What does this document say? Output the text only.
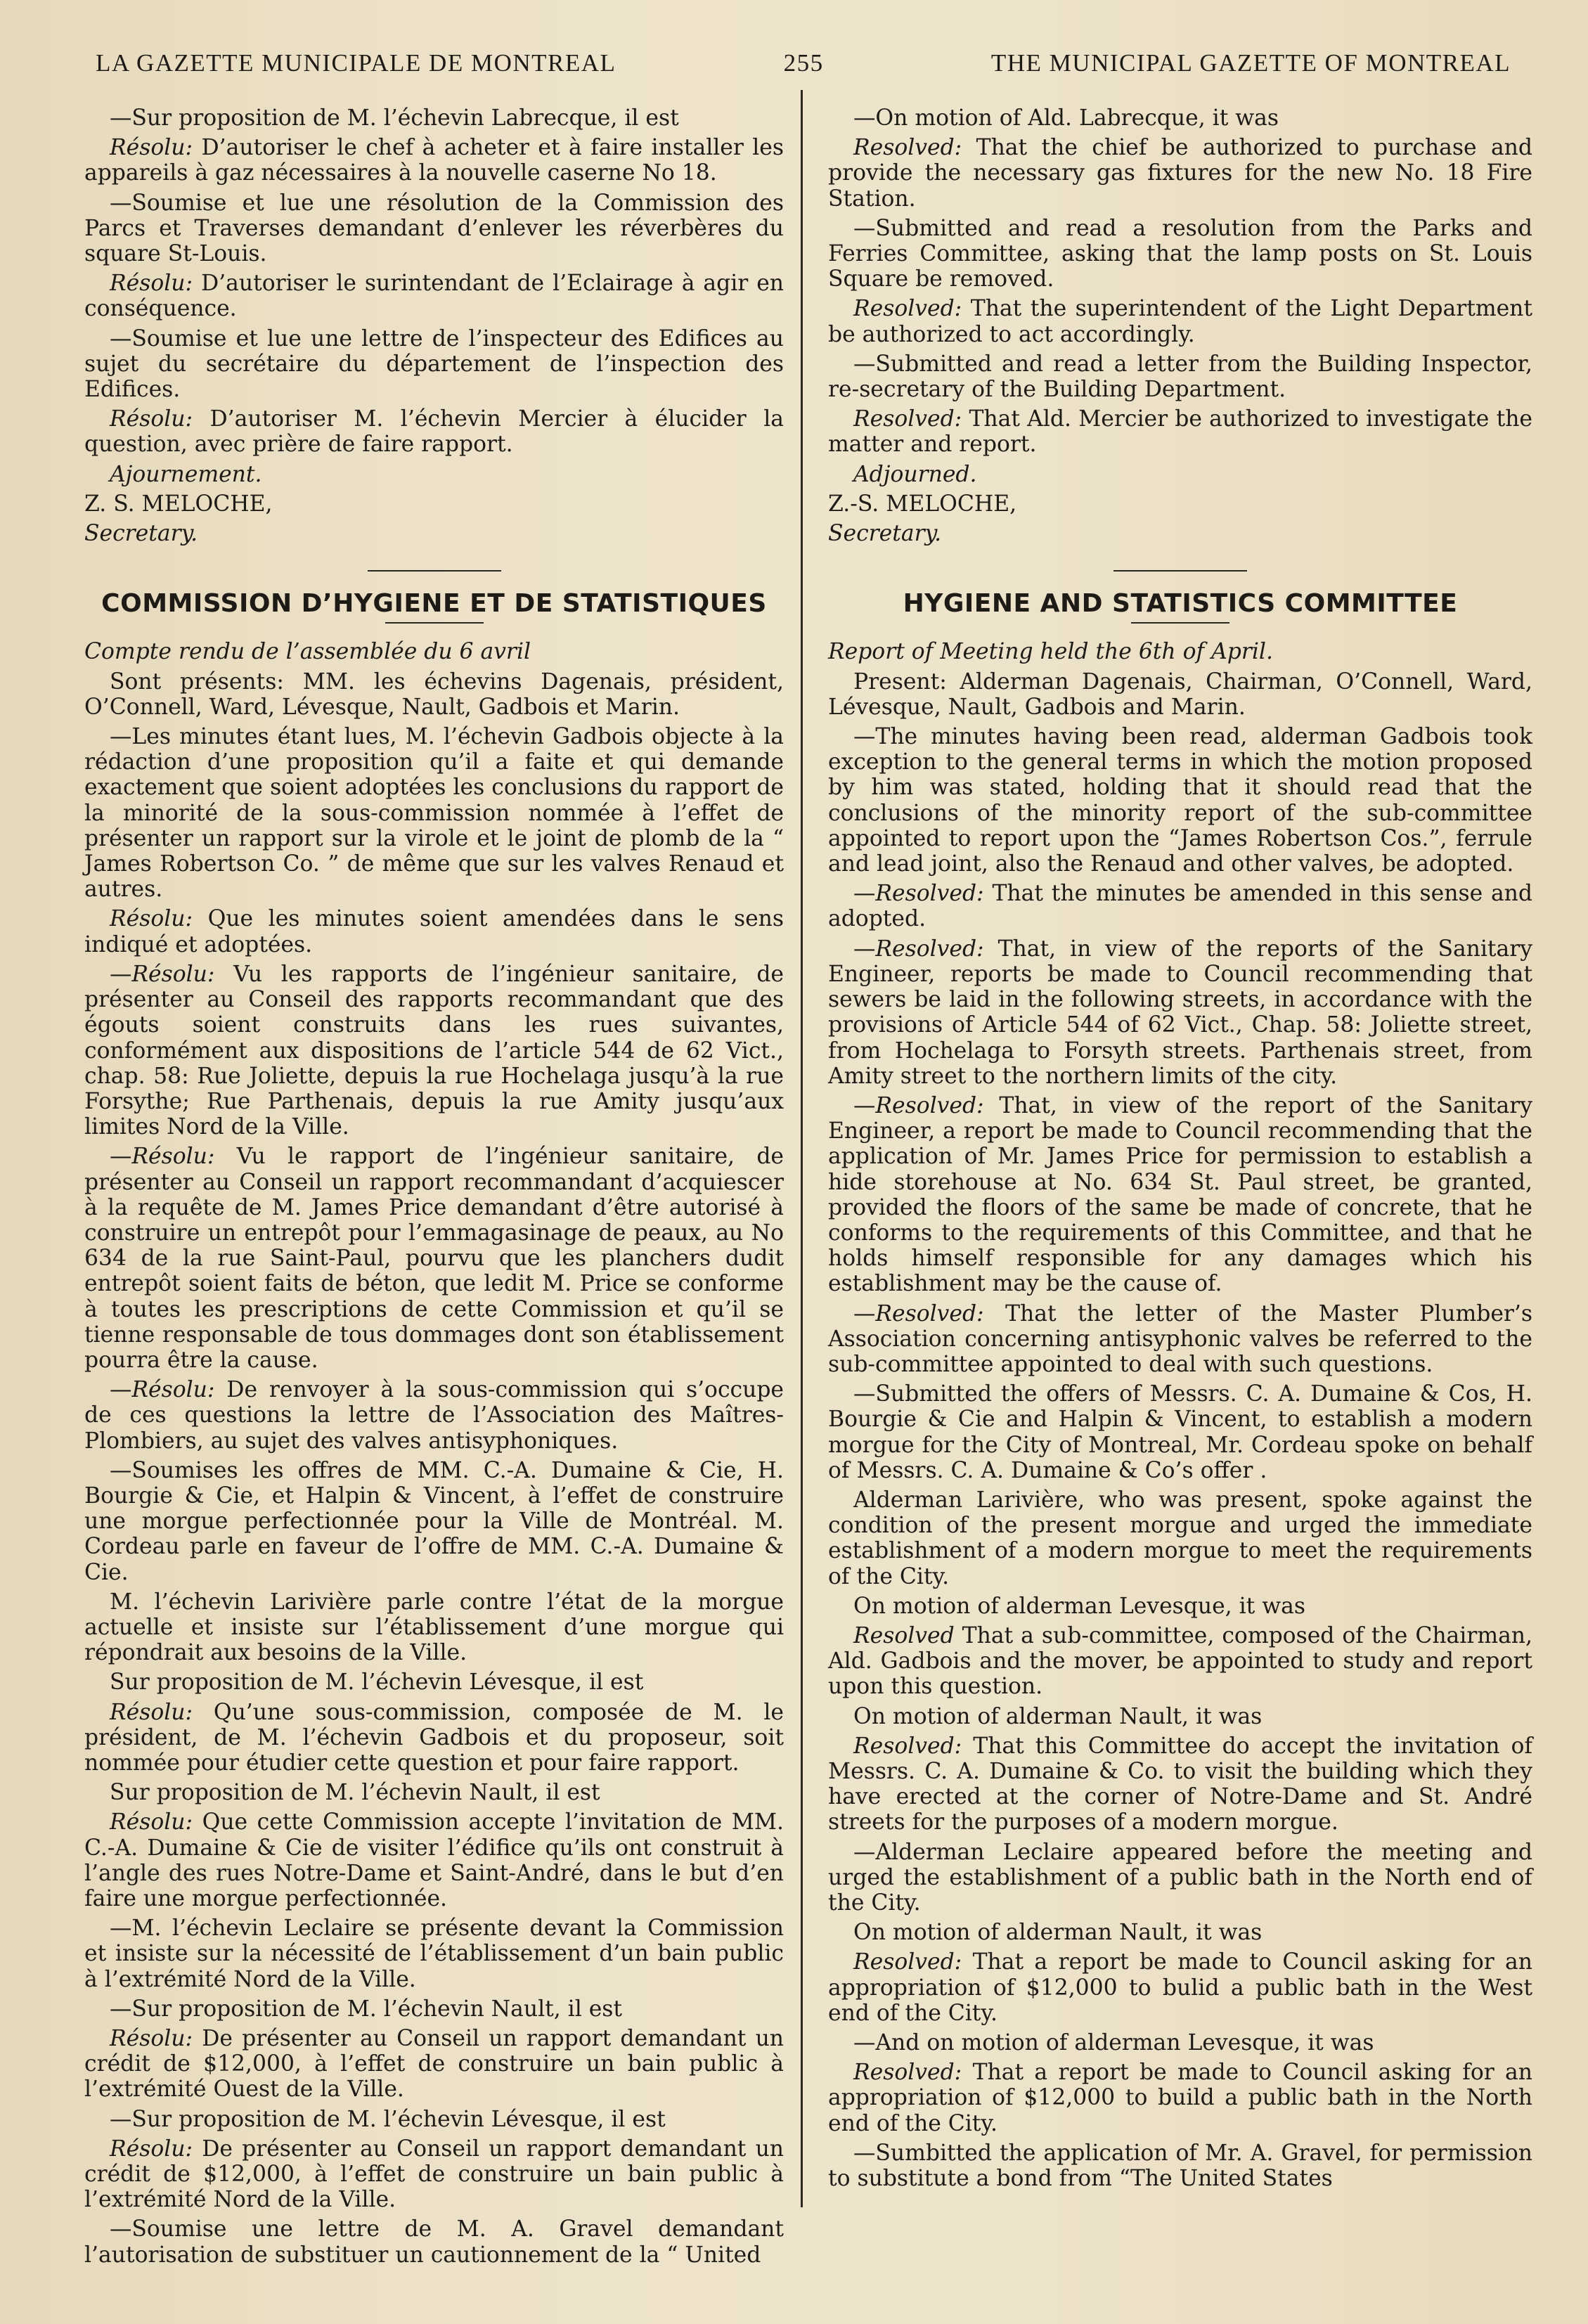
LA GAZETTE MUNICIPALE DE MONTREAL	255	THE MUNICIPAL GAZETTE OF MONTREAL

—Sur proposition de M. l’échevin Labrecque, il est

Résolu: D’autoriser le chef à acheter et à faire installer les appareils à gaz nécessaires à la nouvelle caserne No 18.

—Soumise et lue une résolution de la Commission des Parcs et Traverses demandant d’enlever les réverbères du square St-Louis.

Résolu: D’autoriser le surintendant de l’Eclairage à agir en conséquence.

—Soumise et lue une lettre de l’inspecteur des Edifices au sujet du secrétaire du département de l’inspection des Edifices.

Résolu: D’autoriser M. l’échevin Mercier à élucider la question, avec prière de faire rapport.

Ajournement.

Z. S. MELOCHE,

Secretary.

COMMISSION D’HYGIENE ET DE STATISTIQUES

Compte rendu de l’assemblée du 6 avril

Sont présents: MM. les échevins Dagenais, président, O’Connell, Ward, Lévesque, Nault, Gadbois et Marin.

—Les minutes étant lues, M. l’échevin Gadbois objecte à la rédaction d’une proposition qu’il a faite et qui demande exactement que soient adoptées les conclusions du rapport de la minorité de la sous-commission nommée à l’effet de présenter un rapport sur la virole et le joint de plomb de la “ James Robertson Co. ” de même que sur les valves Renaud et autres.

Résolu: Que les minutes soient amendées dans le sens indiqué et adoptées.

—Résolu: Vu les rapports de l’ingénieur sanitaire, de présenter au Conseil des rapports recommandant que des égouts soient construits dans les rues suivantes, conformément aux dispositions de l’article 544 de 62 Vict., chap. 58: Rue Joliette, depuis la rue Hochelaga jusqu’à la rue Forsythe; Rue Parthenais, depuis la rue Amity jusqu’aux limites Nord de la Ville.

—Résolu: Vu le rapport de l’ingénieur sanitaire, de présenter au Conseil un rapport recommandant d’acquiescer à la requête de M. James Price demandant d’être autorisé à construire un entrepôt pour l’emmagasinage de peaux, au No 634 de la rue Saint-Paul, pourvu que les planchers dudit entrepôt soient faits de béton, que ledit M. Price se conforme à toutes les prescriptions de cette Commission et qu’il se tienne responsable de tous dommages dont son établissement pourra être la cause.

—Résolu: De renvoyer à la sous-commission qui s’occupe de ces questions la lettre de l’Association des Maîtres-Plombiers, au sujet des valves antisyphoniques.

—Soumises les offres de MM. C.-A. Dumaine & Cie, H. Bourgie & Cie, et Halpin & Vincent, à l’effet de construire une morgue perfectionnée pour la Ville de Montréal. M. Cordeau parle en faveur de l’offre de MM. C.-A. Dumaine & Cie.

M. l’échevin Larivière parle contre l’état de la morgue actuelle et insiste sur l’établissement d’une morgue qui répondrait aux besoins de la Ville.

Sur proposition de M. l’échevin Lévesque, il est

Résolu: Qu’une sous-commission, composée de M. le président, de M. l’échevin Gadbois et du proposeur, soit nommée pour étudier cette question et pour faire rapport.

Sur proposition de M. l’échevin Nault, il est

Résolu: Que cette Commission accepte l’invitation de MM. C.-A. Dumaine & Cie de visiter l’édifice qu’ils ont construit à l’angle des rues Notre-Dame et Saint-André, dans le but d’en faire une morgue perfectionnée.

—M. l’échevin Leclaire se présente devant la Commission et insiste sur la nécessité de l’établissement d’un bain public à l’extrémité Nord de la Ville.

—Sur proposition de M. l’échevin Nault, il est

Résolu: De présenter au Conseil un rapport demandant un crédit de $12,000, à l’effet de construire un bain public à l’extrémité Ouest de la Ville.

—Sur proposition de M. l’échevin Lévesque, il est

Résolu: De présenter au Conseil un rapport demandant un crédit de $12,000, à l’effet de construire un bain public à l’extrémité Nord de la Ville.

—Soumise une lettre de M. A. Gravel demandant l’autorisation de substituer un cautionnement de la “ United

—On motion of Ald. Labrecque, it was

Resolved: That the chief be authorized to purchase and provide the necessary gas fixtures for the new No. 18 Fire Station.

—Submitted and read a resolution from the Parks and Ferries Committee, asking that the lamp posts on St. Louis Square be removed.

Resolved: That the superintendent of the Light Department be authorized to act accordingly.

—Submitted and read a letter from the Building Inspector, re-secretary of the Building Department.

Resolved: That Ald. Mercier be authorized to investigate the matter and report.

Adjourned.

Z.-S. MELOCHE,

Secretary.

HYGIENE AND STATISTICS COMMITTEE

Report of Meeting held the 6th of April.

Present: Alderman Dagenais, Chairman, O’Connell, Ward, Lévesque, Nault, Gadbois and Marin.

—The minutes having been read, alderman Gadbois took exception to the general terms in which the motion proposed by him was stated, holding that it should read that the conclusions of the minority report of the sub-committee appointed to report upon the “James Robertson Cos.”, ferrule and lead joint, also the Renaud and other valves, be adopted.

—Resolved: That the minutes be amended in this sense and adopted.

—Resolved: That, in view of the reports of the Sanitary Engineer, reports be made to Council recommending that sewers be laid in the following streets, in accordance with the provisions of Article 544 of 62 Vict., Chap. 58: Joliette street, from Hochelaga to Forsyth streets. Parthenais street, from Amity street to the northern limits of the city.

—Resolved: That, in view of the report of the Sanitary Engineer, a report be made to Council recommending that the application of Mr. James Price for permission to establish a hide storehouse at No. 634 St. Paul street, be granted, provided the floors of the same be made of concrete, that he conforms to the requirements of this Committee, and that he holds himself responsible for any damages which his establishment may be the cause of.

—Resolved: That the letter of the Master Plumber’s Association concerning antisyphonic valves be referred to the sub-committee appointed to deal with such questions.

—Submitted the offers of Messrs. C. A. Dumaine & Cos, H. Bourgie & Cie and Halpin & Vincent, to establish a modern morgue for the City of Montreal, Mr. Cordeau spoke on behalf of Messrs. C. A. Dumaine & Co’s offer .

Alderman Larivière, who was present, spoke against the condition of the present morgue and urged the immediate establishment of a modern morgue to meet the requirements of the City.

On motion of alderman Levesque, it was

Resolved That a sub-committee, composed of the Chairman, Ald. Gadbois and the mover, be appointed to study and report upon this question.

On motion of alderman Nault, it was

Resolved: That this Committee do accept the invitation of Messrs. C. A. Dumaine & Co. to visit the building which they have erected at the corner of Notre-Dame and St. André streets for the purposes of a modern morgue.

—Alderman Leclaire appeared before the meeting and urged the establishment of a public bath in the North end of the City.

On motion of alderman Nault, it was

Resolved: That a report be made to Council asking for an appropriation of $12,000 to bulid a public bath in the West end of the City.

—And on motion of alderman Levesque, it was

Resolved: That a report be made to Council asking for an appropriation of $12,000 to build a public bath in the North end of the City.

—Sumbitted the application of Mr. A. Gravel, for permission to substitute a bond from “The United States
